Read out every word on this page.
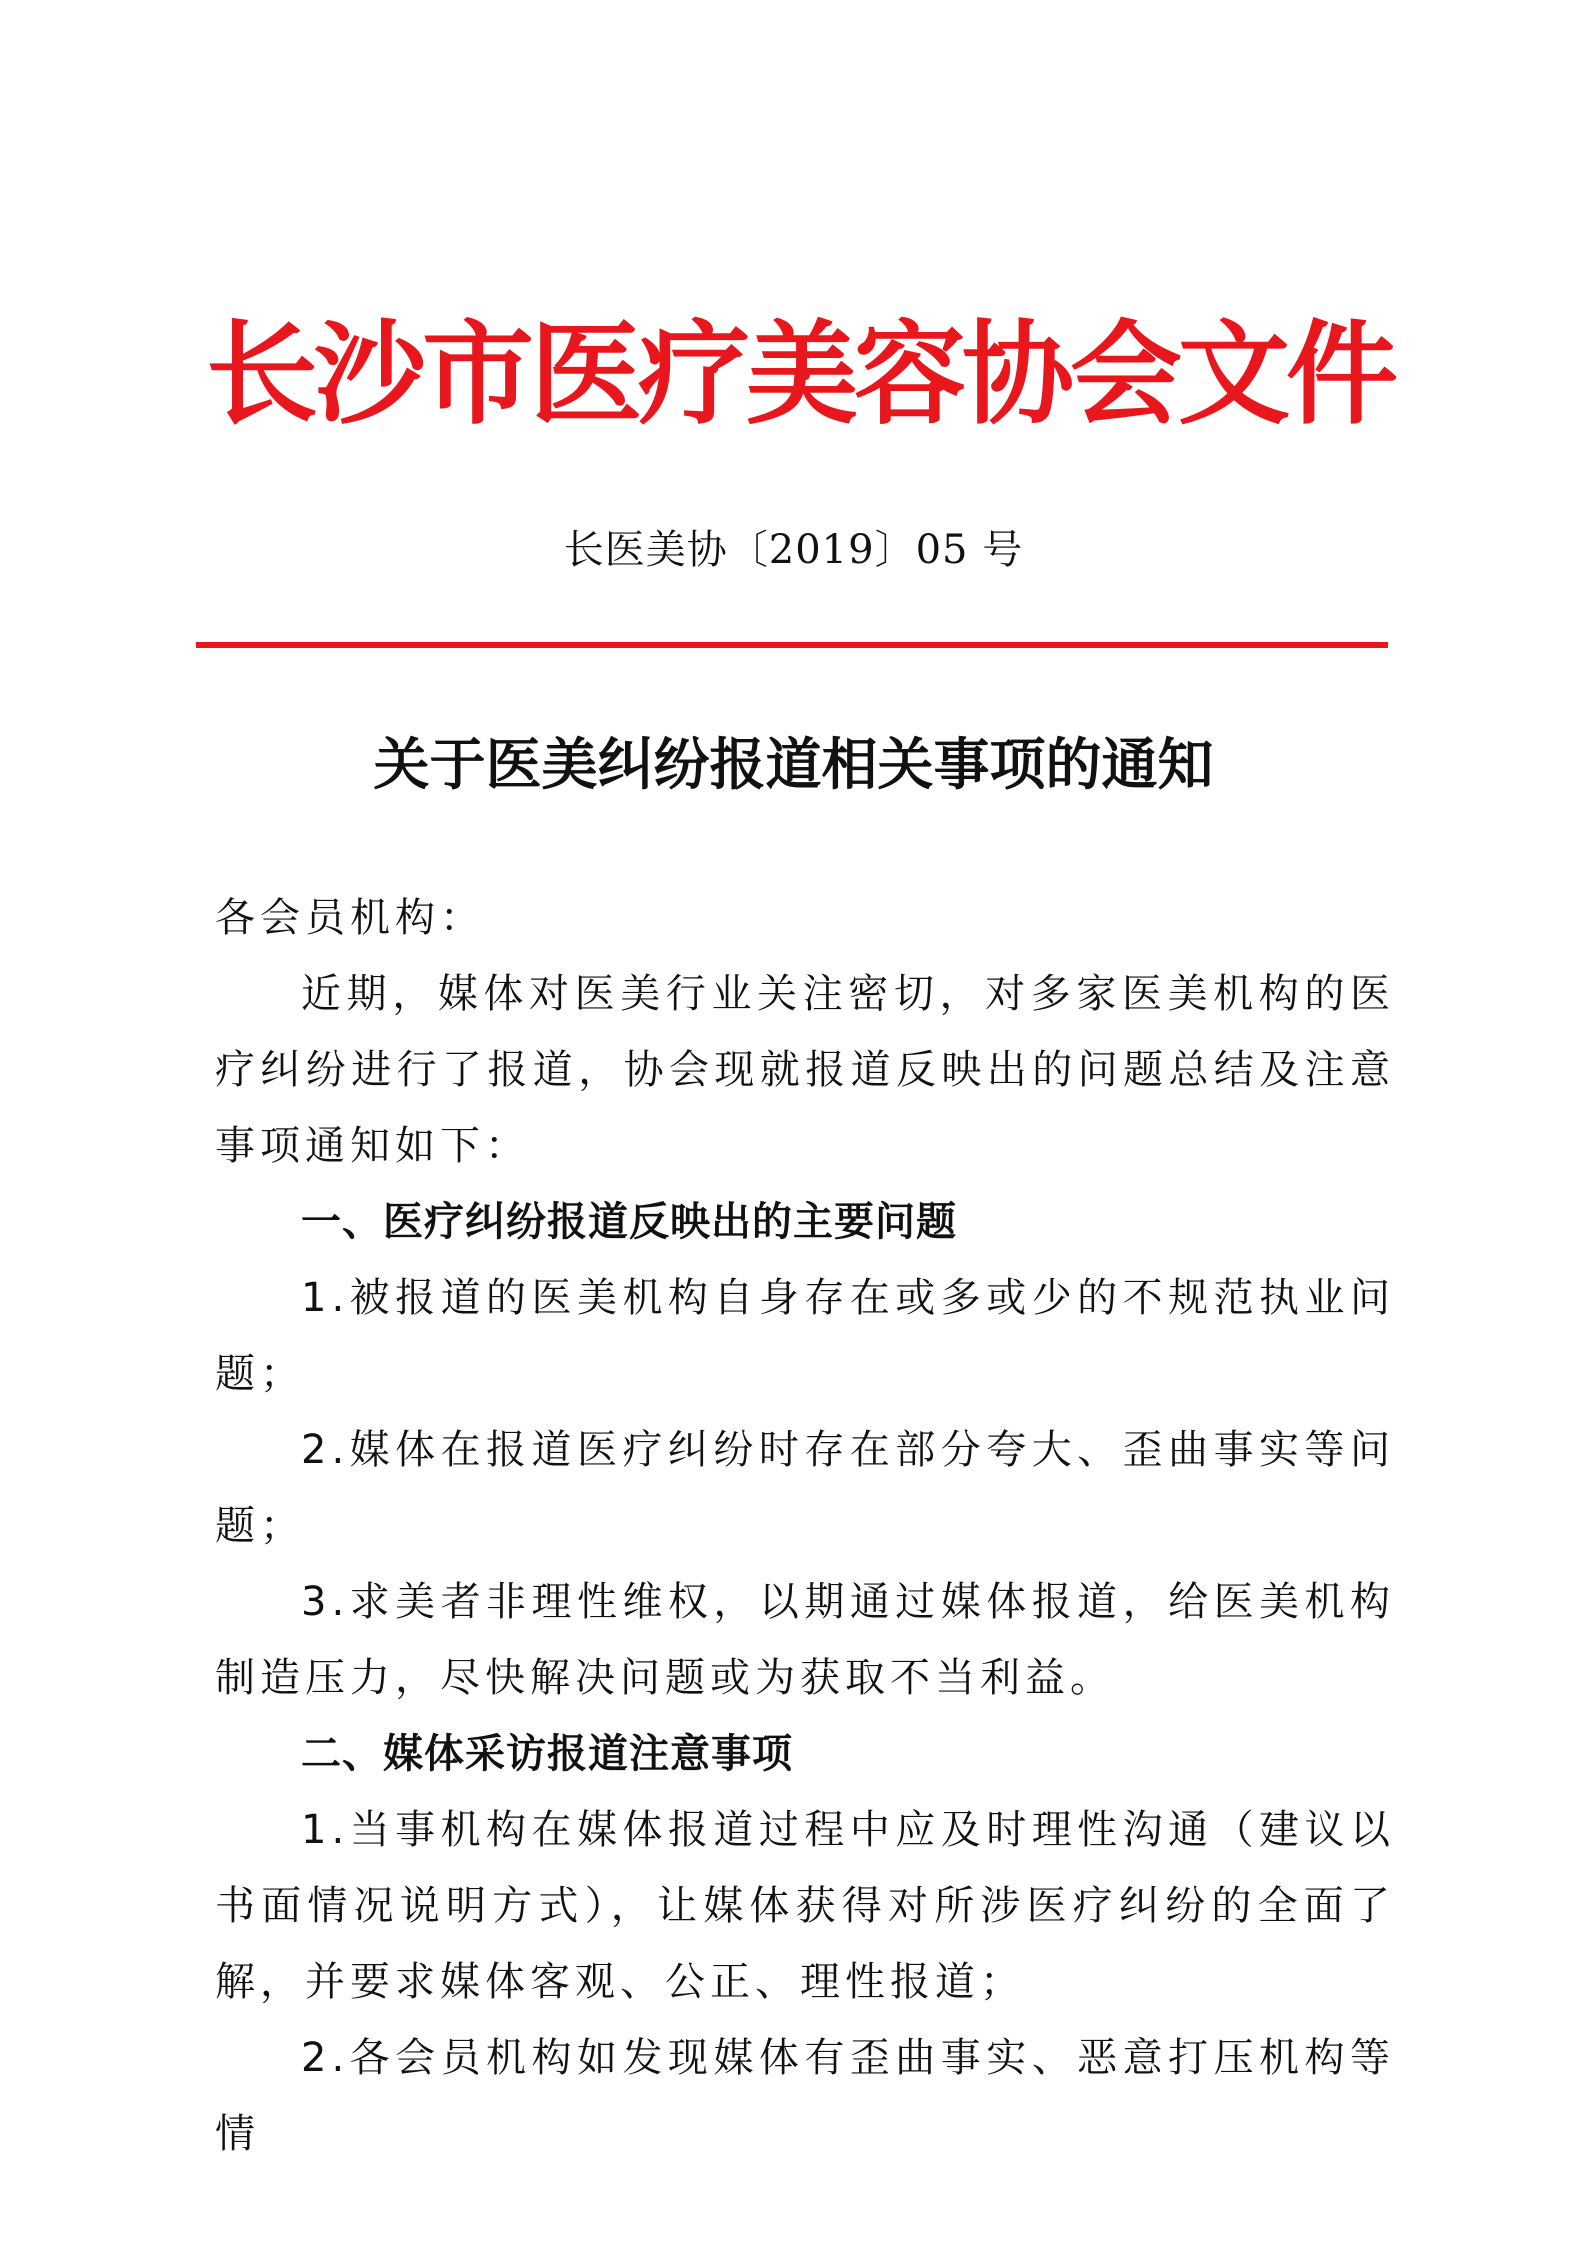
长沙市医疗美容协会文件
长医美协〔2019〕05 号
关于医美纠纷报道相关事项的通知

各会员机构：

近期，媒体对医美行业关注密切，对多家医美机构的医疗纠纷进行了报道，协会现就报道反映出的问题总结及注意事项通知如下：

一、医疗纠纷报道反映出的主要问题

1.被报道的医美机构自身存在或多或少的不规范执业问题；

2.媒体在报道医疗纠纷时存在部分夸大、歪曲事实等问题；

3.求美者非理性维权，以期通过媒体报道，给医美机构制造压力，尽快解决问题或为获取不当利益。

二、媒体采访报道注意事项

1.当事机构在媒体报道过程中应及时理性沟通（建议以书面情况说明方式），让媒体获得对所涉医疗纠纷的全面了解，并要求媒体客观、公正、理性报道；

2.各会员机构如发现媒体有歪曲事实、恶意打压机构等情
